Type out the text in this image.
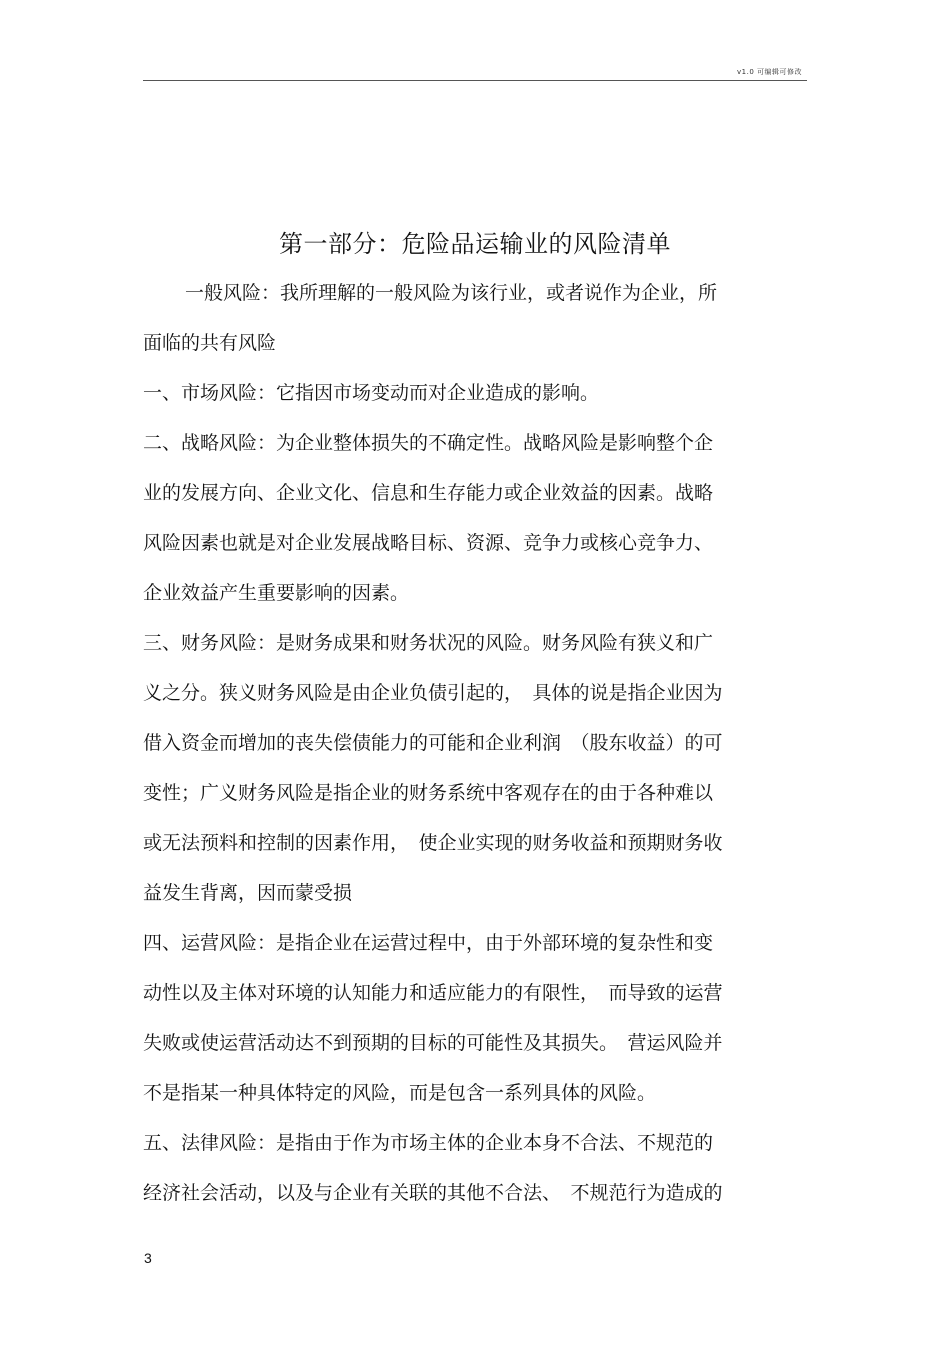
v1.0 可编辑可修改
第一部分：危险品运输业的风险清单
一般风险：我所理解的一般风险为该行业，或者说作为企业，所
面临的共有风险
一、市场风险：它指因市场变动而对企业造成的影响。
二、战略风险：为企业整体损失的不确定性。战略风险是影响整个企
业的发展方向、企业文化、信息和生存能力或企业效益的因素。战略
风险因素也就是对企业发展战略目标、资源、竞争力或核心竞争力、
企业效益产生重要影响的因素。
三、财务风险：是财务成果和财务状况的风险。财务风险有狭义和广
义之分。狭义财务风险是由企业负债引起的，　具体的说是指企业因为
借入资金而增加的丧失偿债能力的可能和企业利润　（股东收益）的可
变性；广义财务风险是指企业的财务系统中客观存在的由于各种难以
或无法预料和控制的因素作用，　使企业实现的财务收益和预期财务收
益发生背离，因而蒙受损
四、运营风险：是指企业在运营过程中，由于外部环境的复杂性和变
动性以及主体对环境的认知能力和适应能力的有限性，　而导致的运营
失败或使运营活动达不到预期的目标的可能性及其损失。　营运风险并
不是指某一种具体特定的风险，而是包含一系列具体的风险。
五、法律风险：是指由于作为市场主体的企业本身不合法、不规范的
经济社会活动，以及与企业有关联的其他不合法、　不规范行为造成的
3
